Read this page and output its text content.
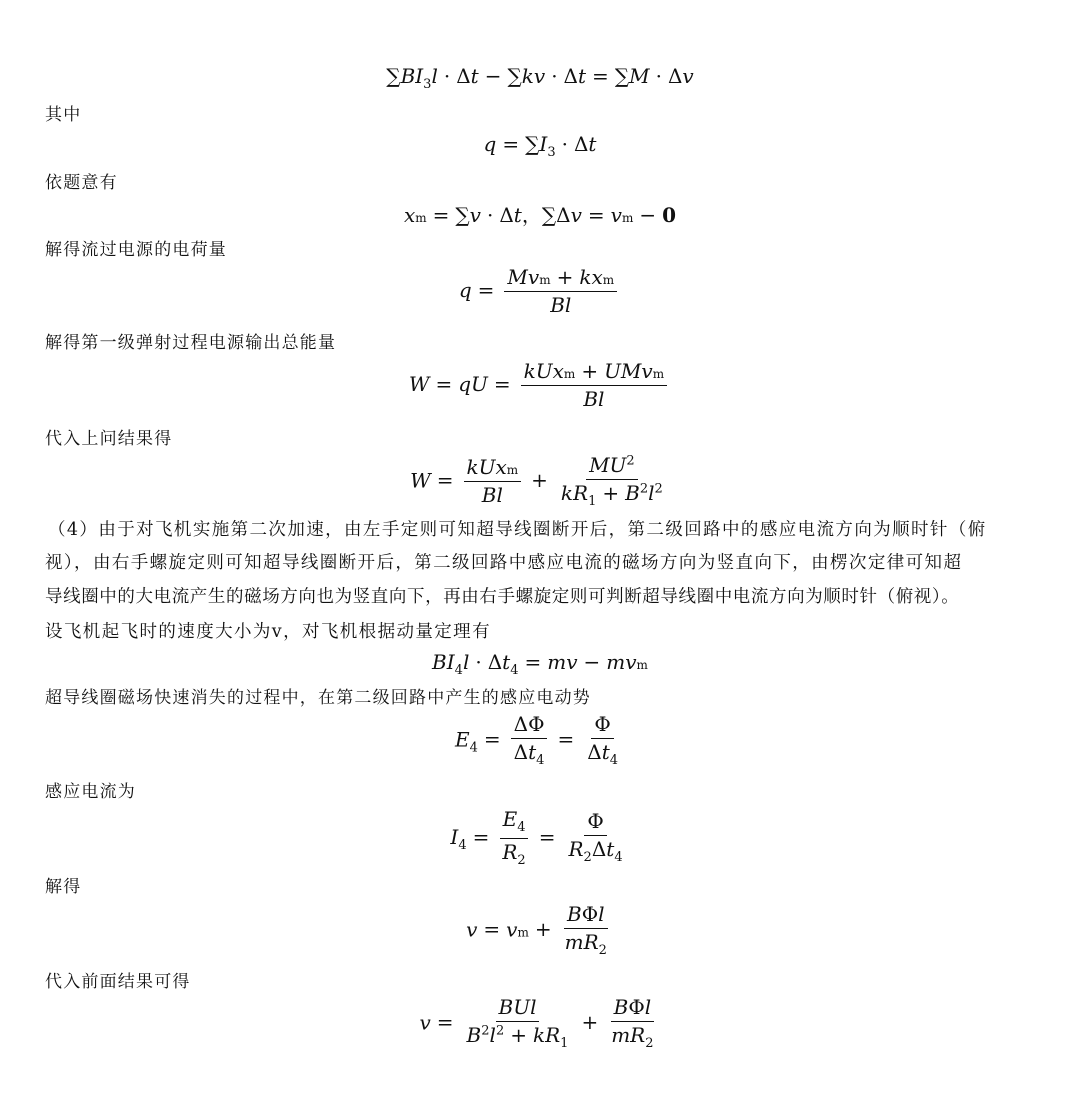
$\sum BI_3l \cdot \Delta t - \sum kv \cdot \Delta t = \sum M \cdot \Delta v$
其中
$q = \sum I_3 \cdot \Delta t$
依题意有
xm = ∑v · Δt，∑Δv = vm − 0
解得流过电源的电荷量
$q = \frac{\text{Mvm + kxm}}{Bl}$
解得第一级弹射过程电源输出总能量
W = qU = $\frac{\text{kUxm + UMvm}}{Bl}$
代入上问结果得
$W = \frac{\text{kUxm}}{Bl} + \frac{MU^2}{kR_1 + B^2l^2}$
（4）由于对飞机实施第二次加速，由左手定则可知超导线圈断开后，第二级回路中的感应电流方向为顺时针（俯
视），由右手螺旋定则可知超导线圈断开后，第二级回路中感应电流的磁场方向为竖直向下，由楞次定律可知超
导线圈中的大电流产生的磁场方向也为竖直向下，再由右手螺旋定则可判断超导线圈中电流方向为顺时针（俯视）。
设飞机起飞时的速度大小为v，对飞机根据动量定理有
$BI_4l \cdot \Delta t_4$ = mv − mvm
超导线圈磁场快速消失的过程中，在第二级回路中产生的感应电动势
$E_4 = \frac{\Delta\Phi}{\Delta t_4} = \frac{\Phi}{\Delta t_4}$
感应电流为
$I_4 = \frac{E_4}{R_2} = \frac{\Phi}{R_2\Delta t_4}$
解得
v = vm + $\frac{\text{BΦl}}{mR_2}$
代入前面结果可得
$v = \frac{\text{BUl}}{B^2l^2 + kR_1} + \frac{\text{BΦl}}{mR_2}$
